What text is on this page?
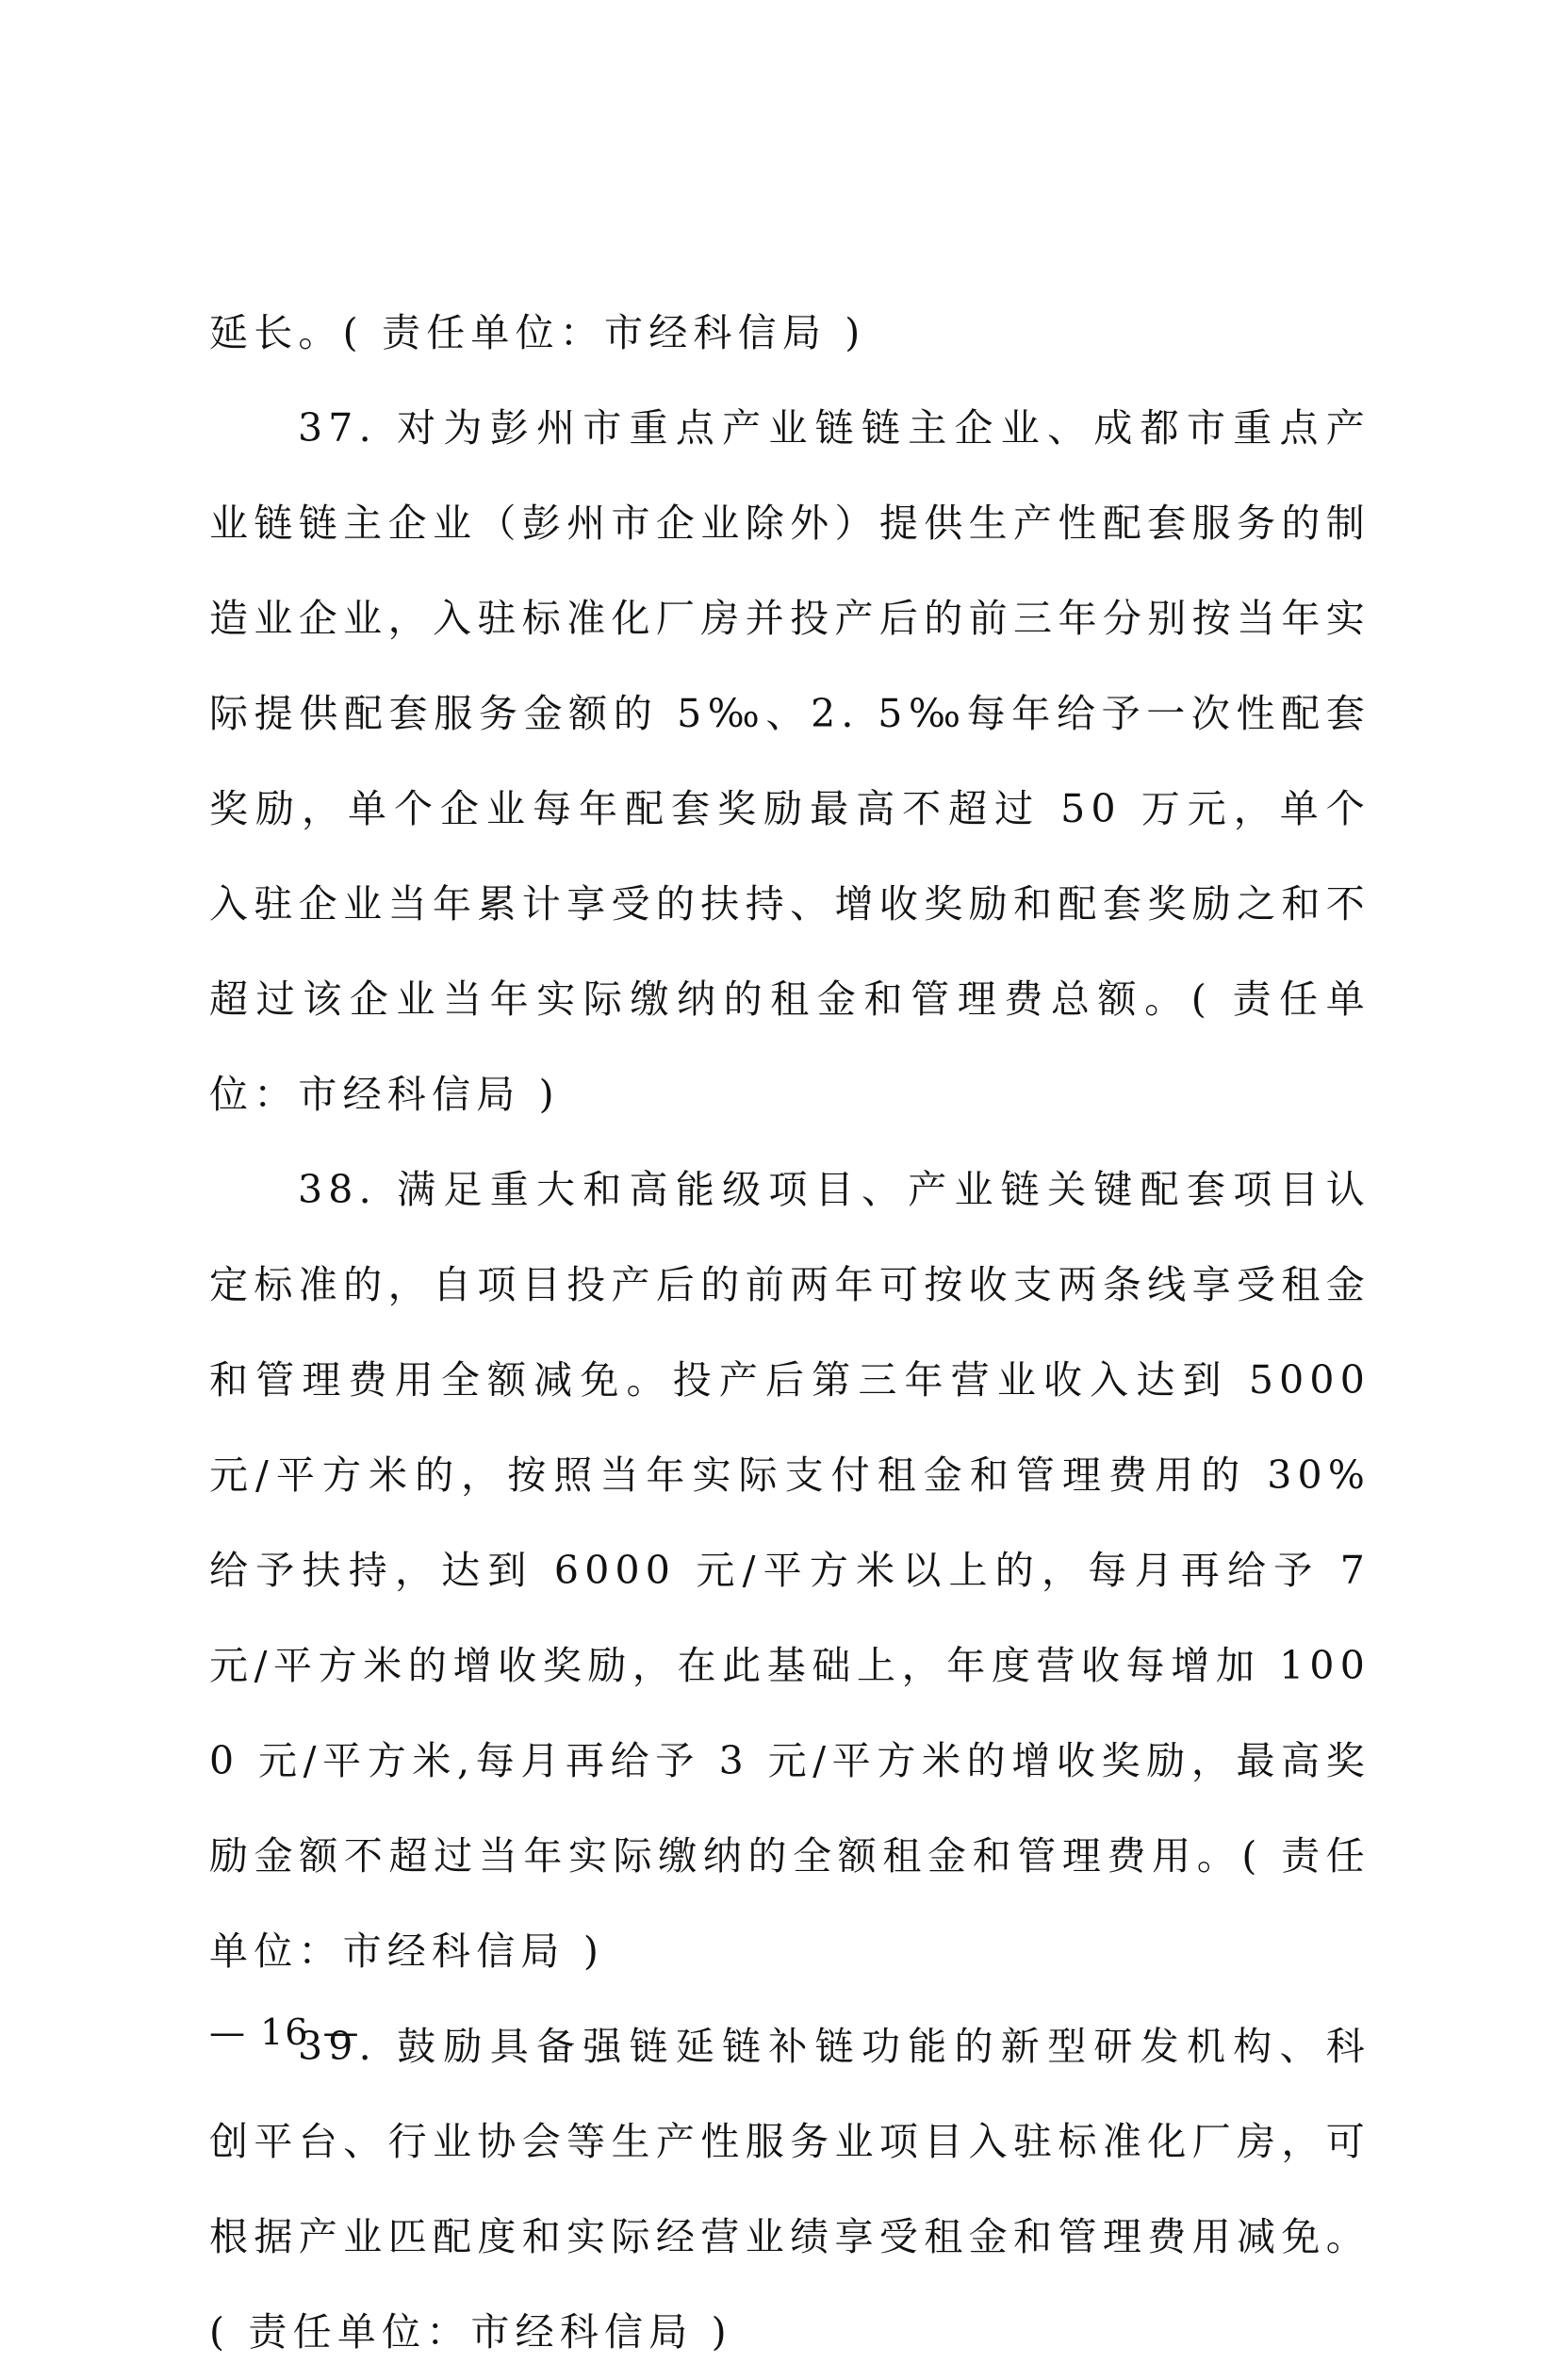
延长。( 责任单位：市经科信局 )

37. 对为彭州市重点产业链链主企业、成都市重点产业链链主企业（彭州市企业除外）提供生产性配套服务的制造业企业，入驻标准化厂房并投产后的前三年分别按当年实际提供配套服务金额的 5‰、2. 5‰每年给予一次性配套奖励，单个企业每年配套奖励最高不超过 50 万元，单个入驻企业当年累计享受的扶持、增收奖励和配套奖励之和不超过该企业当年实际缴纳的租金和管理费总额。( 责任单位：市经科信局 )

38. 满足重大和高能级项目、产业链关键配套项目认定标准的，自项目投产后的前两年可按收支两条线享受租金和管理费用全额减免。投产后第三年营业收入达到 5000 元/平方米的，按照当年实际支付租金和管理费用的 30%给予扶持，达到 6000 元/平方米以上的，每月再给予 7 元/平方米的增收奖励，在此基础上，年度营收每增加 1000 元/平方米,每月再给予 3 元/平方米的增收奖励，最高奖励金额不超过当年实际缴纳的全额租金和管理费用。( 责任单位：市经科信局 )

39. 鼓励具备强链延链补链功能的新型研发机构、科创平台、行业协会等生产性服务业项目入驻标准化厂房，可根据产业匹配度和实际经营业绩享受租金和管理费用减免。( 责任单位：市经科信局 )

— 16 —
